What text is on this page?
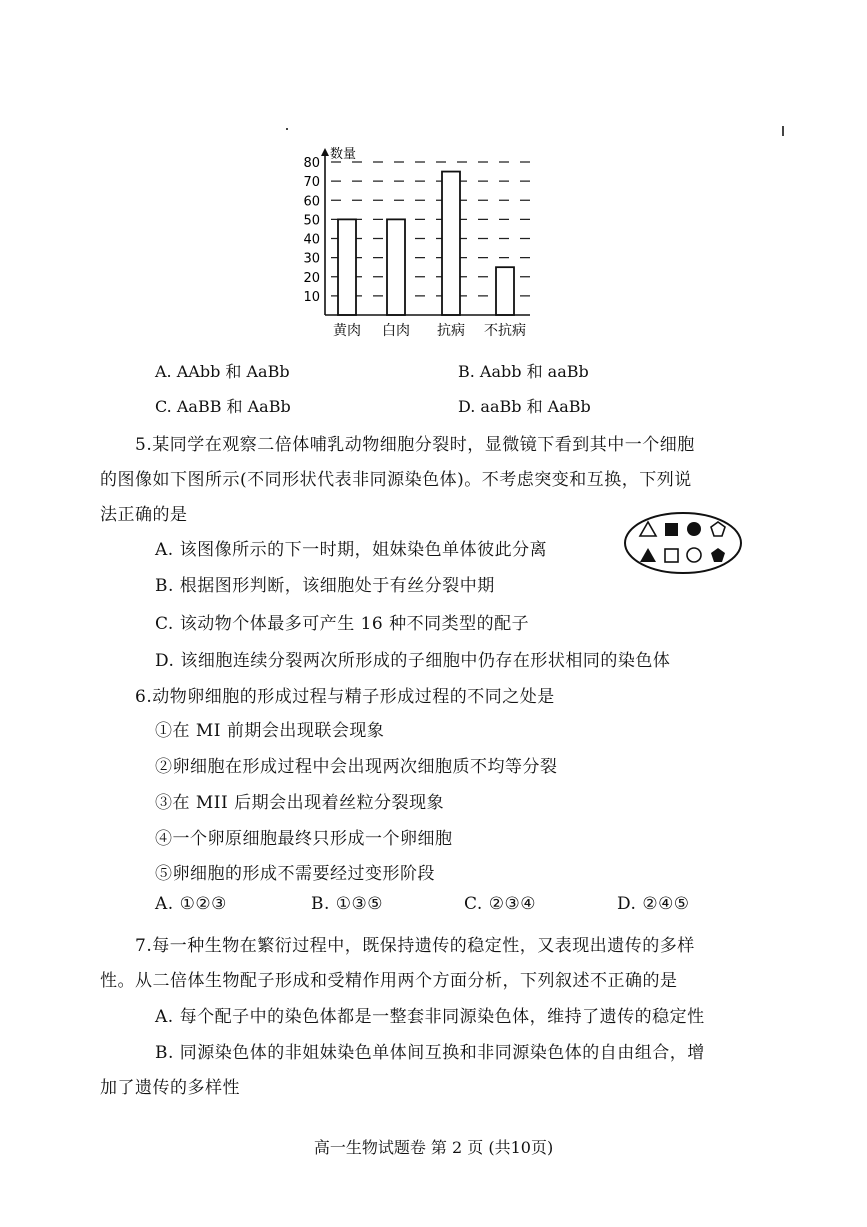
10
20
30
40
50
60
70
80
黄肉 白肉 抗病 不抗病
数量
A. AAbb 和 AaBb	B. Aabb 和 aaBb
C. AaBB 和 AaBb	D. aaBb 和 AaBb
5.某同学在观察二倍体哺乳动物细胞分裂时，显微镜下看到其中一个细胞
的图像如下图所示(不同形状代表非同源染色体)。不考虑突变和互换，下列说
法正确的是
A. 该图像所示的下一时期，姐妹染色单体彼此分离
B. 根据图形判断，该细胞处于有丝分裂中期
C. 该动物个体最多可产生 16 种不同类型的配子
D. 该细胞连续分裂两次所形成的子细胞中仍存在形状相同的染色体
6.动物卵细胞的形成过程与精子形成过程的不同之处是
①在 MI 前期会出现联会现象
②卵细胞在形成过程中会出现两次细胞质不均等分裂
③在 MII 后期会出现着丝粒分裂现象
④一个卵原细胞最终只形成一个卵细胞
⑤卵细胞的形成不需要经过变形阶段
A. ①②③	B. ①③⑤	C. ②③④	D. ②④⑤
7.每一种生物在繁衍过程中，既保持遗传的稳定性，又表现出遗传的多样
性。从二倍体生物配子形成和受精作用两个方面分析，下列叙述不正确的是
A. 每个配子中的染色体都是一整套非同源染色体，维持了遗传的稳定性
B. 同源染色体的非姐妹染色单体间互换和非同源染色体的自由组合，增
加了遗传的多样性
高一生物试题卷 第 2 页 (共10页)
